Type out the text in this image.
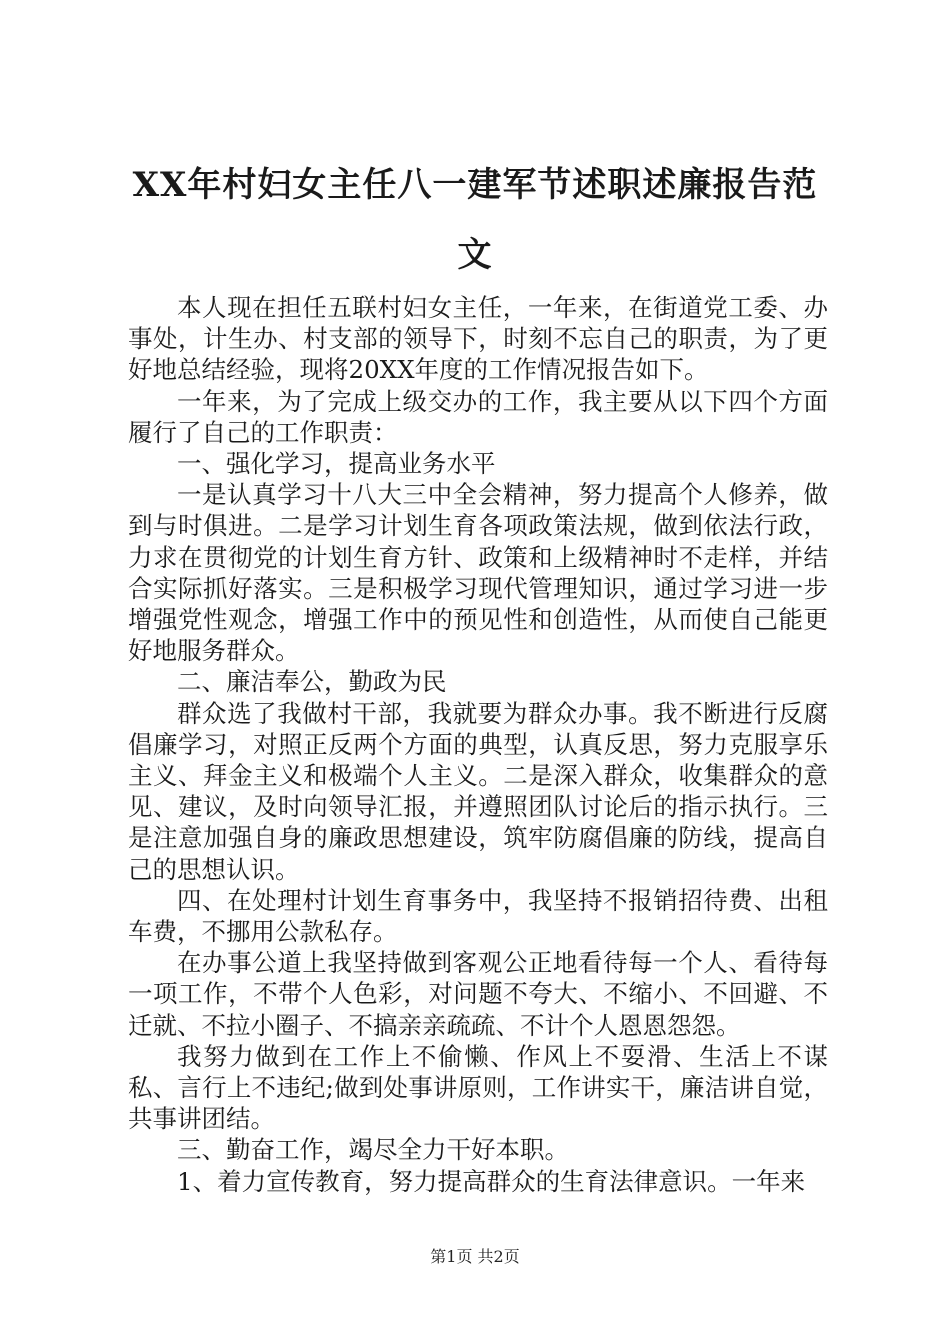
XX年村妇女主任八一建军节述职述廉报告范
文

本人现在担任五联村妇女主任，一年来，在街道党工委、办事处，计生办、村支部的领导下，时刻不忘自己的职责，为了更好地总结经验，现将20XX年度的工作情况报告如下。

一年来，为了完成上级交办的工作，我主要从以下四个方面履行了自己的工作职责：

一、强化学习，提高业务水平

一是认真学习十八大三中全会精神，努力提高个人修养，做到与时俱进。二是学习计划生育各项政策法规，做到依法行政，力求在贯彻党的计划生育方针、政策和上级精神时不走样，并结合实际抓好落实。三是积极学习现代管理知识，通过学习进一步增强党性观念，增强工作中的预见性和创造性，从而使自己能更好地服务群众。

二、廉洁奉公，勤政为民

群众选了我做村干部，我就要为群众办事。我不断进行反腐倡廉学习，对照正反两个方面的典型，认真反思，努力克服享乐主义、拜金主义和极端个人主义。二是深入群众，收集群众的意见、建议，及时向领导汇报，并遵照团队讨论后的指示执行。三是注意加强自身的廉政思想建设，筑牢防腐倡廉的防线，提高自己的思想认识。

四、在处理村计划生育事务中，我坚持不报销招待费、出租车费，不挪用公款私存。

在办事公道上我坚持做到客观公正地看待每一个人、看待每一项工作，不带个人色彩，对问题不夸大、不缩小、不回避、不迁就、不拉小圈子、不搞亲亲疏疏、不计个人恩恩怨怨。

我努力做到在工作上不偷懒、作风上不耍滑、生活上不谋私、言行上不违纪;做到处事讲原则，工作讲实干，廉洁讲自觉，共事讲团结。

三、勤奋工作，竭尽全力干好本职。

1、着力宣传教育，努力提高群众的生育法律意识。一年来

第1页 共2页
